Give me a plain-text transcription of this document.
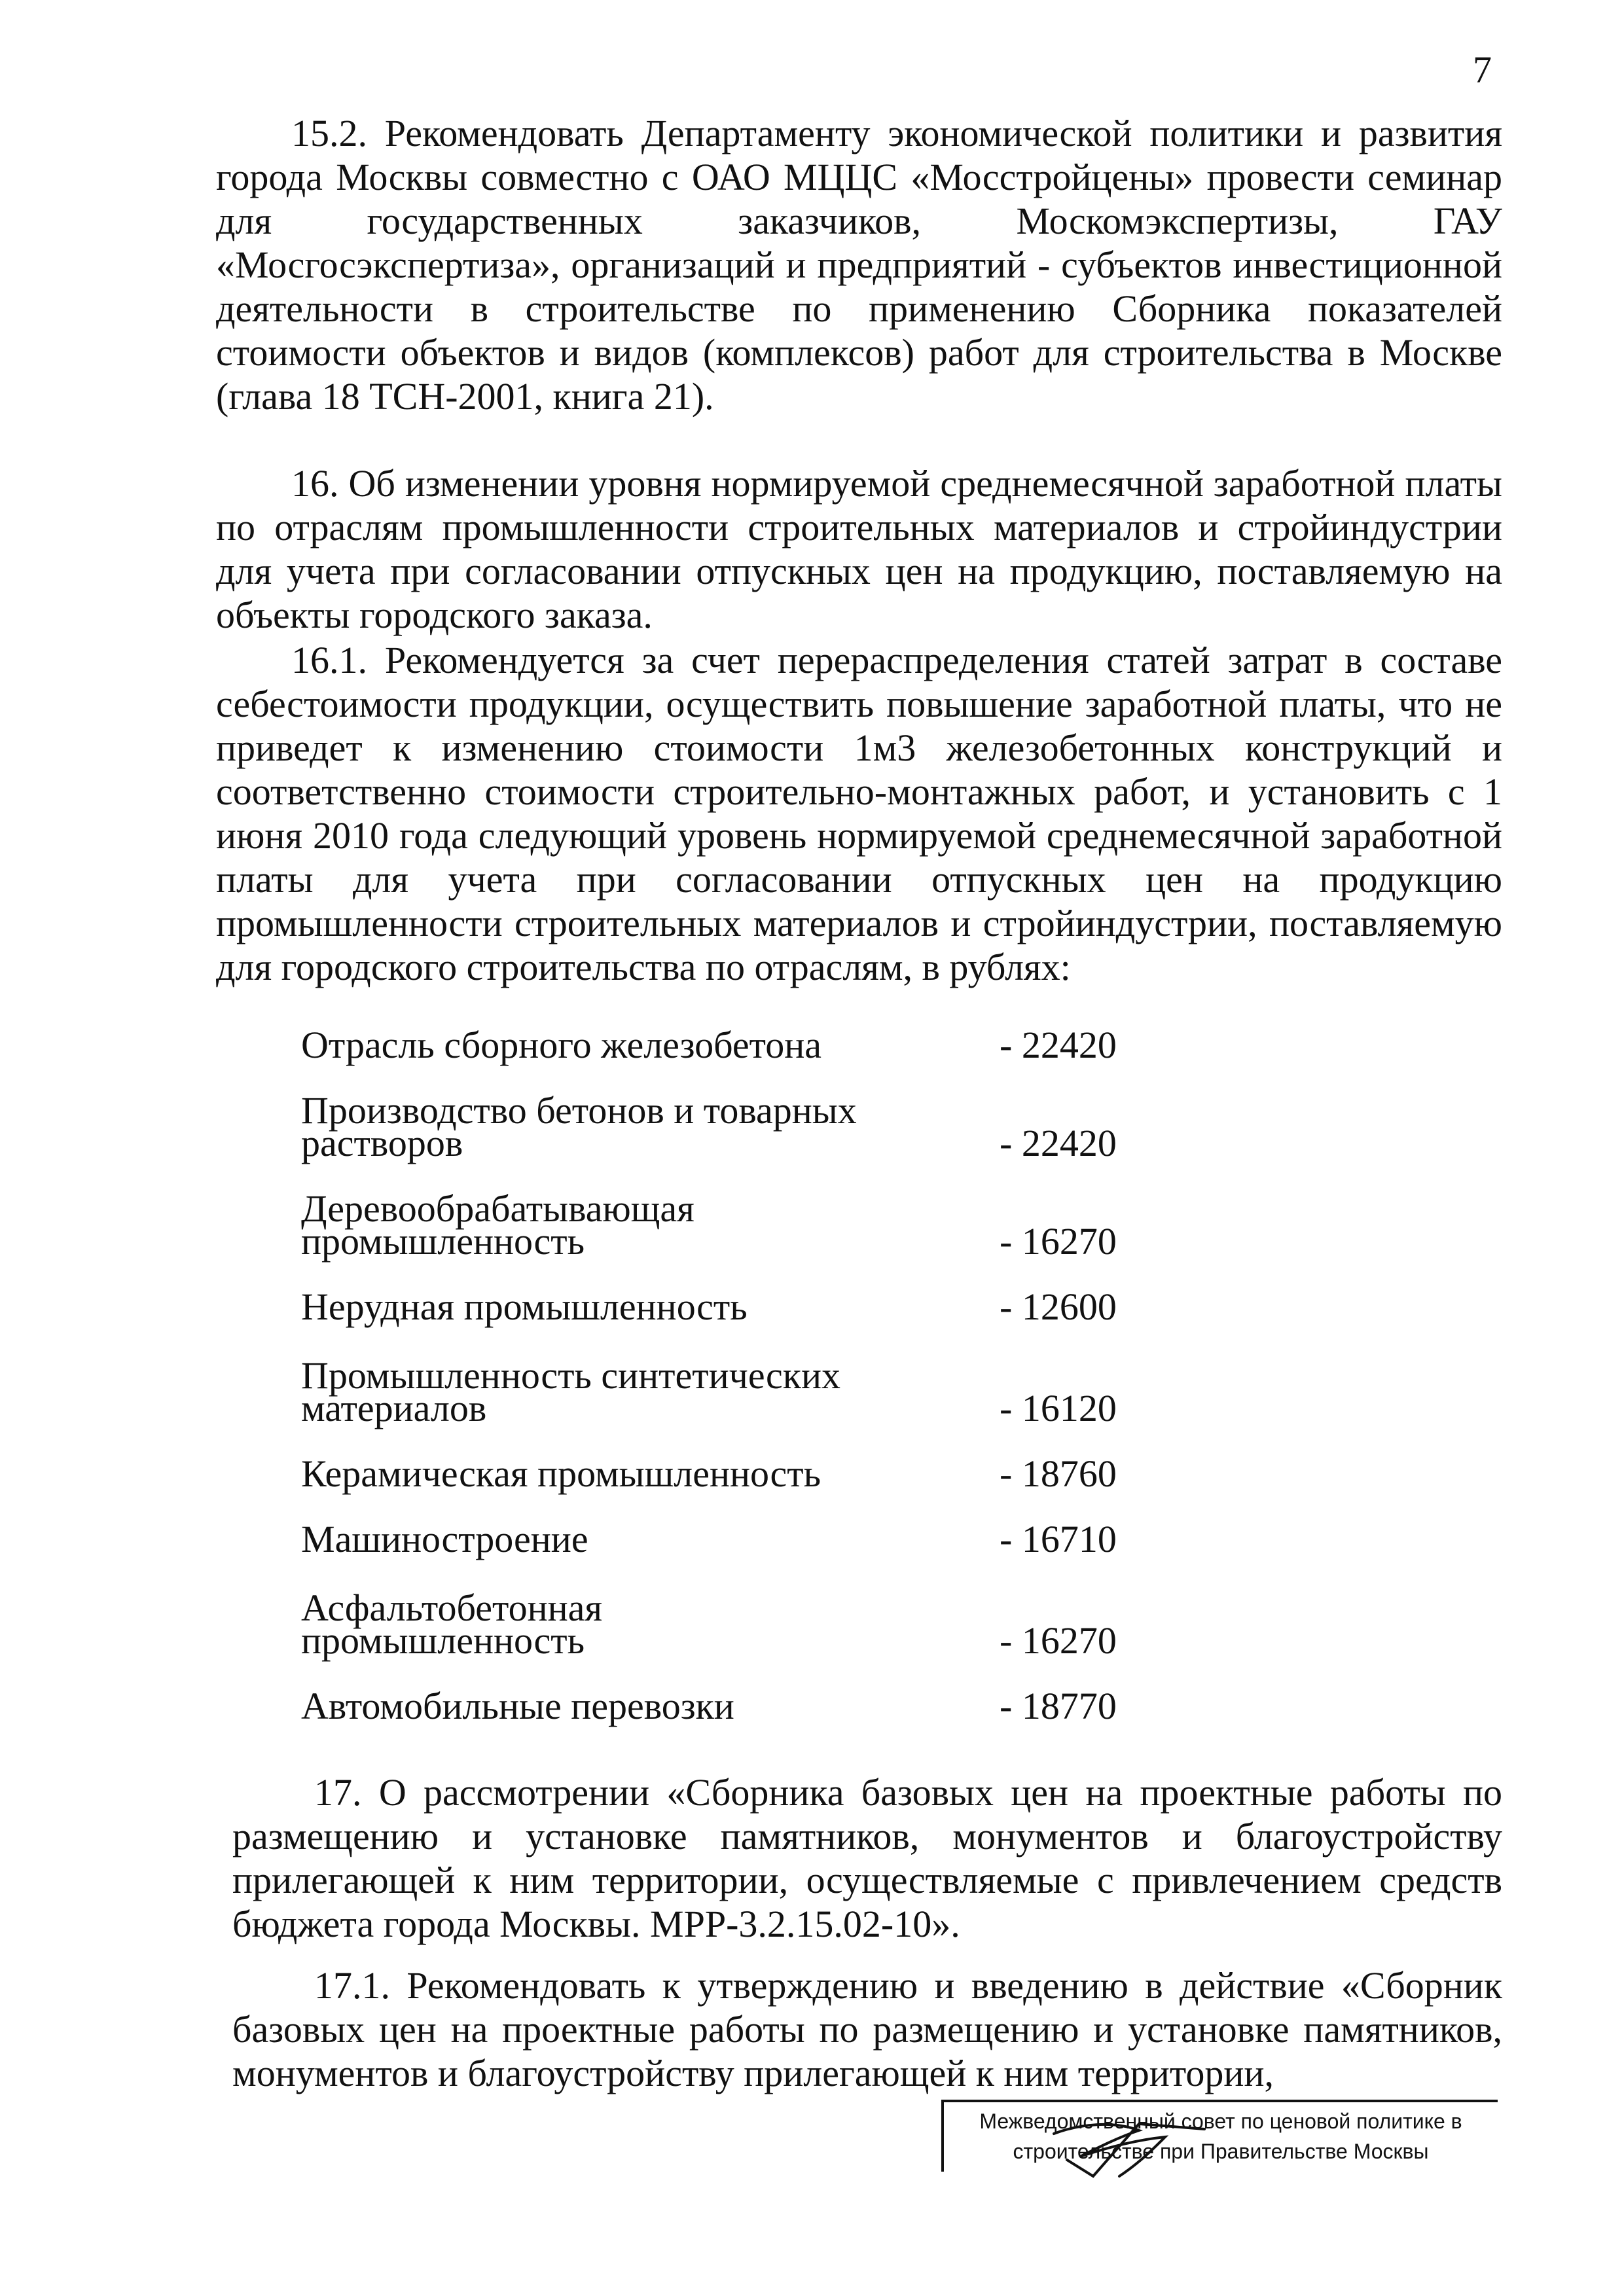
7

15.2. Рекомендовать Департаменту экономической политики и развития города Москвы совместно с ОАО МЦЦС «Мосстройцены» провести семинар для государственных заказчиков, Москомэкспертизы, ГАУ «Мосгосэкспертиза», организаций и предприятий - субъектов инвестиционной деятельности в строительстве по применению Сборника показателей стоимости объектов и видов (комплексов) работ для строительства в Москве (глава 18 ТСН-2001, книга 21).

16. Об изменении уровня нормируемой среднемесячной заработной платы по отраслям промышленности строительных материалов и стройиндустрии для учета при согласовании отпускных цен на продукцию, поставляемую на объекты городского заказа.

16.1. Рекомендуется за счет перераспределения статей затрат в составе себестоимости продукции, осуществить повышение заработной платы, что не приведет к изменению стоимости 1м3 железобетонных конструкций и соответственно стоимости строительно-монтажных работ, и установить с 1 июня 2010 года следующий уровень нормируемой среднемесячной заработной платы для учета при согласовании отпускных цен на продукцию промышленности строительных материалов и стройиндустрии, поставляемую для городского строительства по отраслям, в рублях:

Отрасль сборного железобетона	- 22420
Производство бетонов и товарных
растворов	- 22420
Деревообрабатывающая
промышленность	- 16270
Нерудная промышленность	- 12600
Промышленность синтетических
материалов	- 16120
Керамическая промышленность	- 18760
Машиностроение	- 16710
Асфальтобетонная
промышленность	- 16270
Автомобильные перевозки	- 18770

17. О рассмотрении «Сборника базовых цен на проектные работы по размещению и установке памятников, монументов и благоустройству прилегающей к ним территории, осуществляемые с привлечением средств бюджета города Москвы. МРР-3.2.15.02-10».

17.1. Рекомендовать к утверждению и введению в действие «Сборник базовых цен на проектные работы по размещению и установке памятников, монументов и благоустройству прилегающей к ним территории,

Межведомственный совет по ценовой политике в
строительстве при Правительстве Москвы
